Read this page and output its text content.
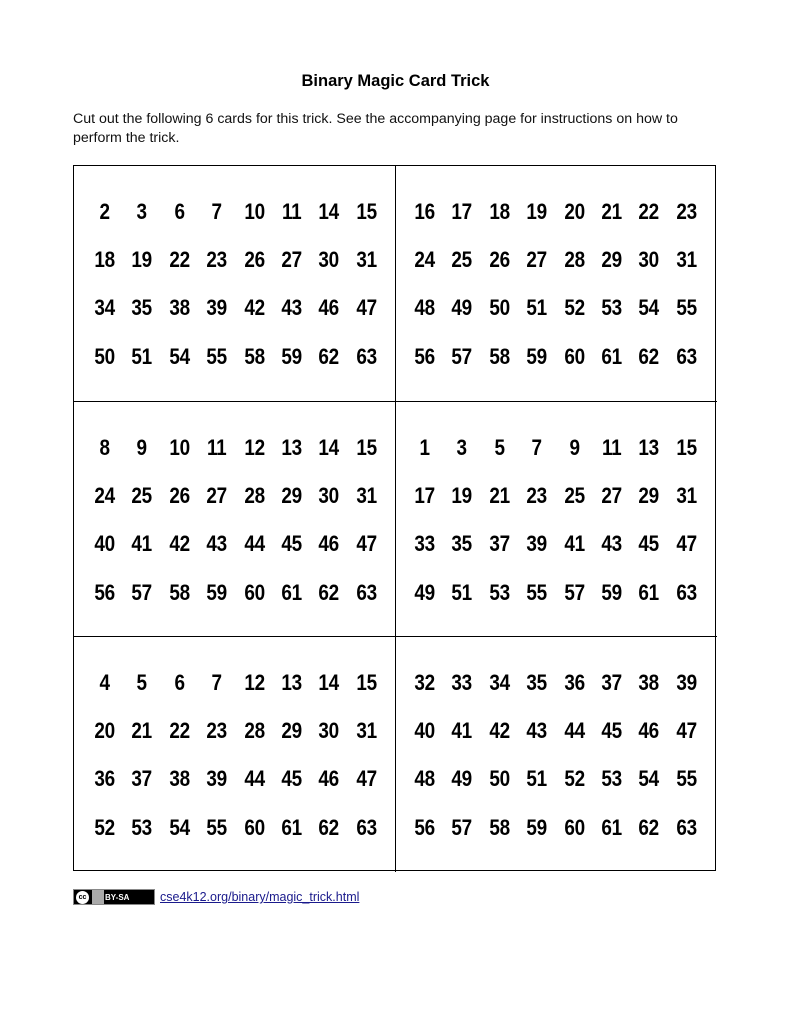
Binary Magic Card Trick
Cut out the following 6 cards for this trick. See the accompanying page for instructions on how to perform the trick.
2	3	6	7 10 11 14 15
18 19 22 23 26 27 30 31
34 35 38 39 42 43 46 47
50 51 54 55 58 59 62 63
16 17 18 19 20 21 22 23
24 25 26 27 28 29 30 31
48 49 50 51 52 53 54 55
56 57 58 59 60 61 62 63
8	9 10 11 12 13 14 15
24 25 26 27 28 29 30 31
40 41 42 43 44 45 46 47
56 57 58 59 60 61 62 63
1	3	5	7	9	11 13 15
17 19 21 23 25 27 29 31
33 35 37 39 41 43 45 47
49 51 53 55 57 59 61 63
4	5	6	7 12 13 14 15
20 21 22 23 28 29 30 31
36 37 38 39 44 45 46 47
52 53 54 55 60 61 62 63
32 33 34 35 36 37 38 39
40 41 42 43 44 45 46 47
48 49 50 51 52 53 54 55
56 57 58 59 60 61 62 63
cc	BY-SA cse4k12.org/binary/magic_trick.html
